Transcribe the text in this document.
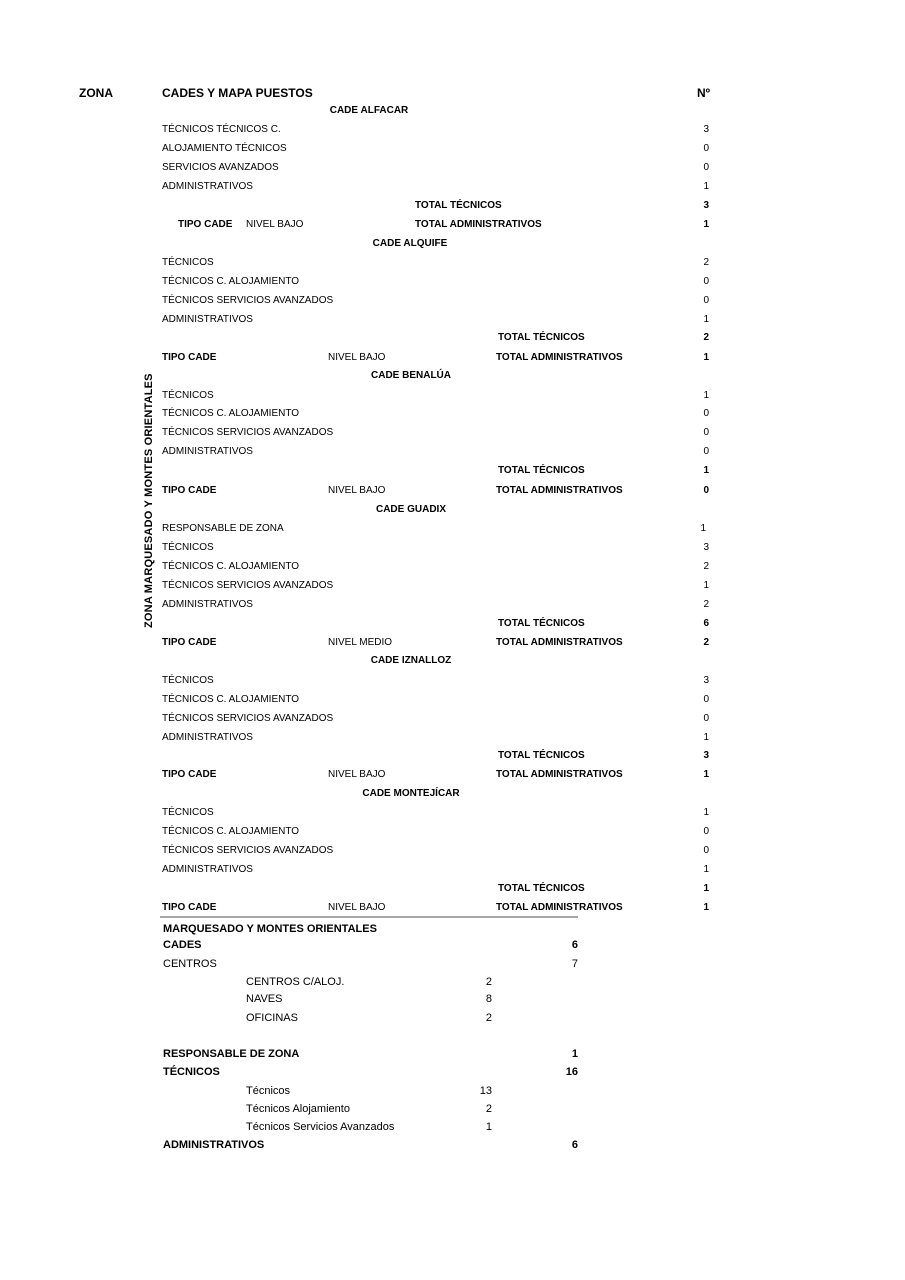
ZONA	CADES Y MAPA PUESTOS	Nº
ZONA MARQUESADO Y MONTES ORIENTALES
CADE ALFACAR
TÉCNICOS TÉCNICOS C.	3
ALOJAMIENTO TÉCNICOS	0
SERVICIOS AVANZADOS	0
ADMINISTRATIVOS	1
TOTAL TÉCNICOS	3
TIPO CADE NIVEL BAJO	TOTAL ADMINISTRATIVOS	1
CADE ALQUIFE
TÉCNICOS	2
TÉCNICOS C. ALOJAMIENTO	0
TÉCNICOS SERVICIOS AVANZADOS	0
ADMINISTRATIVOS	1
TOTAL TÉCNICOS	2
TIPO CADE	NIVEL BAJO	TOTAL ADMINISTRATIVOS	1
CADE BENALÚA
TÉCNICOS	1
TÉCNICOS C. ALOJAMIENTO	0
TÉCNICOS SERVICIOS AVANZADOS	0
ADMINISTRATIVOS	0
TOTAL TÉCNICOS	1
TIPO CADE	NIVEL BAJO	TOTAL ADMINISTRATIVOS	0
CADE GUADIX
RESPONSABLE DE ZONA	1
TÉCNICOS	3
TÉCNICOS C. ALOJAMIENTO	2
TÉCNICOS SERVICIOS AVANZADOS	1
ADMINISTRATIVOS	2
TOTAL TÉCNICOS	6
TIPO CADE	NIVEL MEDIO	TOTAL ADMINISTRATIVOS	2
CADE IZNALLOZ
TÉCNICOS	3
TÉCNICOS C. ALOJAMIENTO	0
TÉCNICOS SERVICIOS AVANZADOS	0
ADMINISTRATIVOS	1
TOTAL TÉCNICOS	3
TIPO CADE	NIVEL BAJO	TOTAL ADMINISTRATIVOS	1
CADE MONTEJÍCAR
TÉCNICOS	1
TÉCNICOS C. ALOJAMIENTO	0
TÉCNICOS SERVICIOS AVANZADOS	0
ADMINISTRATIVOS	1
TOTAL TÉCNICOS	1
TIPO CADE	NIVEL BAJO	TOTAL ADMINISTRATIVOS	1
MARQUESADO Y MONTES ORIENTALES
CADES	6
CENTROS	7
CENTROS C/ALOJ.	2
NAVES	8
OFICINAS	2
RESPONSABLE DE ZONA	1
TÉCNICOS	16
Técnicos	13
Técnicos Alojamiento	2
Técnicos Servicios Avanzados	1
ADMINISTRATIVOS	6
